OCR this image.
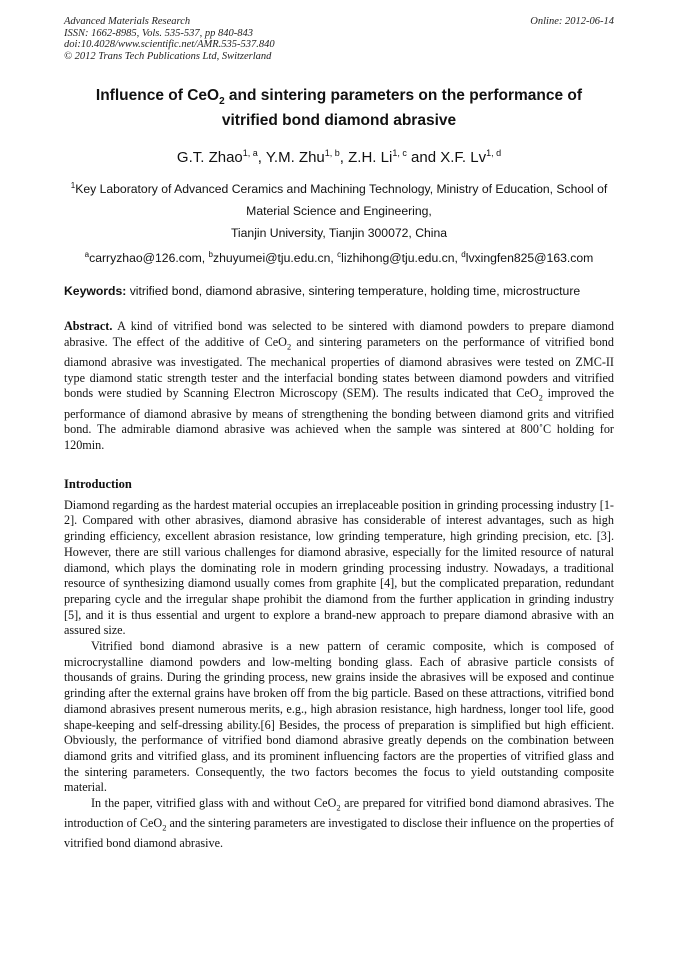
Advanced Materials Research
ISSN: 1662-8985, Vols. 535-537, pp 840-843
doi:10.4028/www.scientific.net/AMR.535-537.840
© 2012 Trans Tech Publications Ltd, Switzerland
Online: 2012-06-14
Influence of CeO$_2$ and sintering parameters on the performance of vitrified bond diamond abrasive
G.T. Zhao$^{1, a}$, Y.M. Zhu$^{1, b}$, Z.H. Li$^{1, c}$ and X.F. Lv$^{1, d}$
$^1$Key Laboratory of Advanced Ceramics and Machining Technology, Ministry of Education, School of
Material Science and Engineering,
Tianjin University, Tianjin 300072, China
$^a$carryzhao@126.com, $^b$zhuyumei@tju.edu.cn, $^c$lizhihong@tju.edu.cn, $^d$lvxingfen825@163.com
Keywords: vitrified bond, diamond abrasive, sintering temperature, holding time, microstructure
Abstract. A kind of vitrified bond was selected to be sintered with diamond powders to prepare diamond abrasive. The effect of the additive of CeO$_2$ and sintering parameters on the performance of vitrified bond diamond abrasive was investigated. The mechanical properties of diamond abrasives were tested on ZMC-II type diamond static strength tester and the interfacial bonding states between diamond powders and vitrified bonds were studied by Scanning Electron Microscopy (SEM). The results indicated that CeO$_2$ improved the performance of diamond abrasive by means of strengthening the bonding between diamond grits and vitrified bond. The admirable diamond abrasive was achieved when the sample was sintered at 800˚C holding for 120min.
Introduction
Diamond regarding as the hardest material occupies an irreplaceable position in grinding processing industry [1-2]. Compared with other abrasives, diamond abrasive has considerable of interest advantages, such as high grinding efficiency, excellent abrasion resistance, low grinding temperature, high grinding precision, etc. [3]. However, there are still various challenges for diamond abrasive, especially for the limited resource of natural diamond, which plays the dominating role in modern grinding processing industry. Nowadays, a traditional resource of synthesizing diamond usually comes from graphite [4], but the complicated preparation, redundant preparing cycle and the irregular shape prohibit the diamond from the further application in grinding industry [5], and it is thus essential and urgent to explore a brand-new approach to prepare diamond abrasive with an assured size.
Vitrified bond diamond abrasive is a new pattern of ceramic composite, which is composed of microcrystalline diamond powders and low-melting bonding glass. Each of abrasive particle consists of thousands of grains. During the grinding process, new grains inside the abrasives will be exposed and continue grinding after the external grains have broken off from the big particle. Based on these attractions, vitrified bond diamond abrasives present numerous merits, e.g., high abrasion resistance, high hardness, longer tool life, good shape-keeping and self-dressing ability.[6] Besides, the process of preparation is simplified but high efficient. Obviously, the performance of vitrified bond diamond abrasive greatly depends on the combination between diamond grits and vitrified glass, and its prominent influencing factors are the properties of vitrified glass and the sintering parameters. Consequently, the two factors becomes the focus to yield outstanding composite material.
In the paper, vitrified glass with and without CeO$_2$ are prepared for vitrified bond diamond abrasives. The introduction of CeO$_2$ and the sintering parameters are investigated to disclose their influence on the properties of vitrified bond diamond abrasive.
